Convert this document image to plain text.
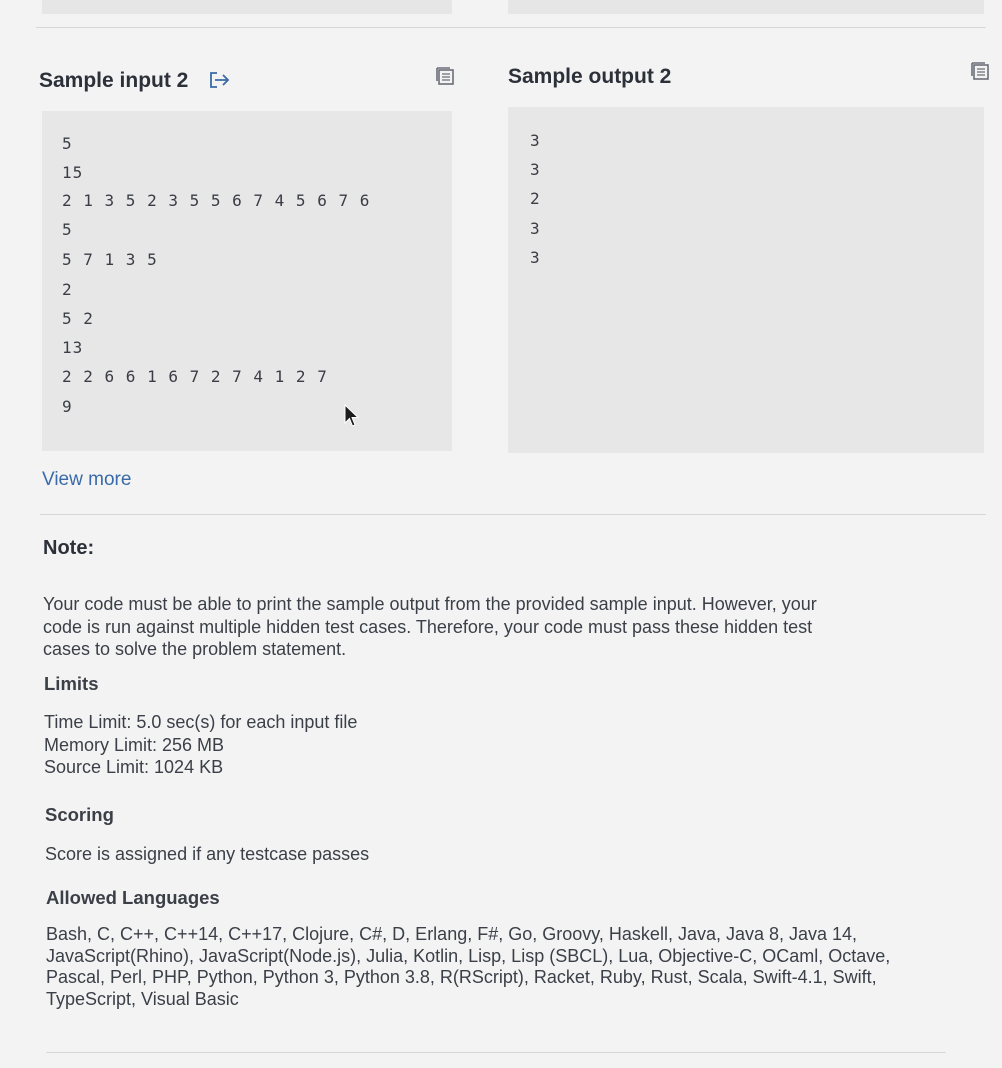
Sample input 2	Sample output 2
5
15
2 1 3 5 2 3 5 5 6 7 4 5 6 7 6
5
5 7 1 3 5
2
5 2
13
2 2 6 6 1 6 7 2 7 4 1 2 7
9
3
3
2
3
3
View more
Note:
Your code must be able to print the sample output from the provided sample input. However, your
code is run against multiple hidden test cases. Therefore, your code must pass these hidden test
cases to solve the problem statement.
Limits
Time Limit: 5.0 sec(s) for each input file
Memory Limit: 256 MB
Source Limit: 1024 KB
Scoring
Score is assigned if any testcase passes
Allowed Languages
Bash, C, C++, C++14, C++17, Clojure, C#, D, Erlang, F#, Go, Groovy, Haskell, Java, Java 8, Java 14,
JavaScript(Rhino), JavaScript(Node.js), Julia, Kotlin, Lisp, Lisp (SBCL), Lua, Objective-C, OCaml, Octave,
Pascal, Perl, PHP, Python, Python 3, Python 3.8, R(RScript), Racket, Ruby, Rust, Scala, Swift-4.1, Swift,
TypeScript, Visual Basic
